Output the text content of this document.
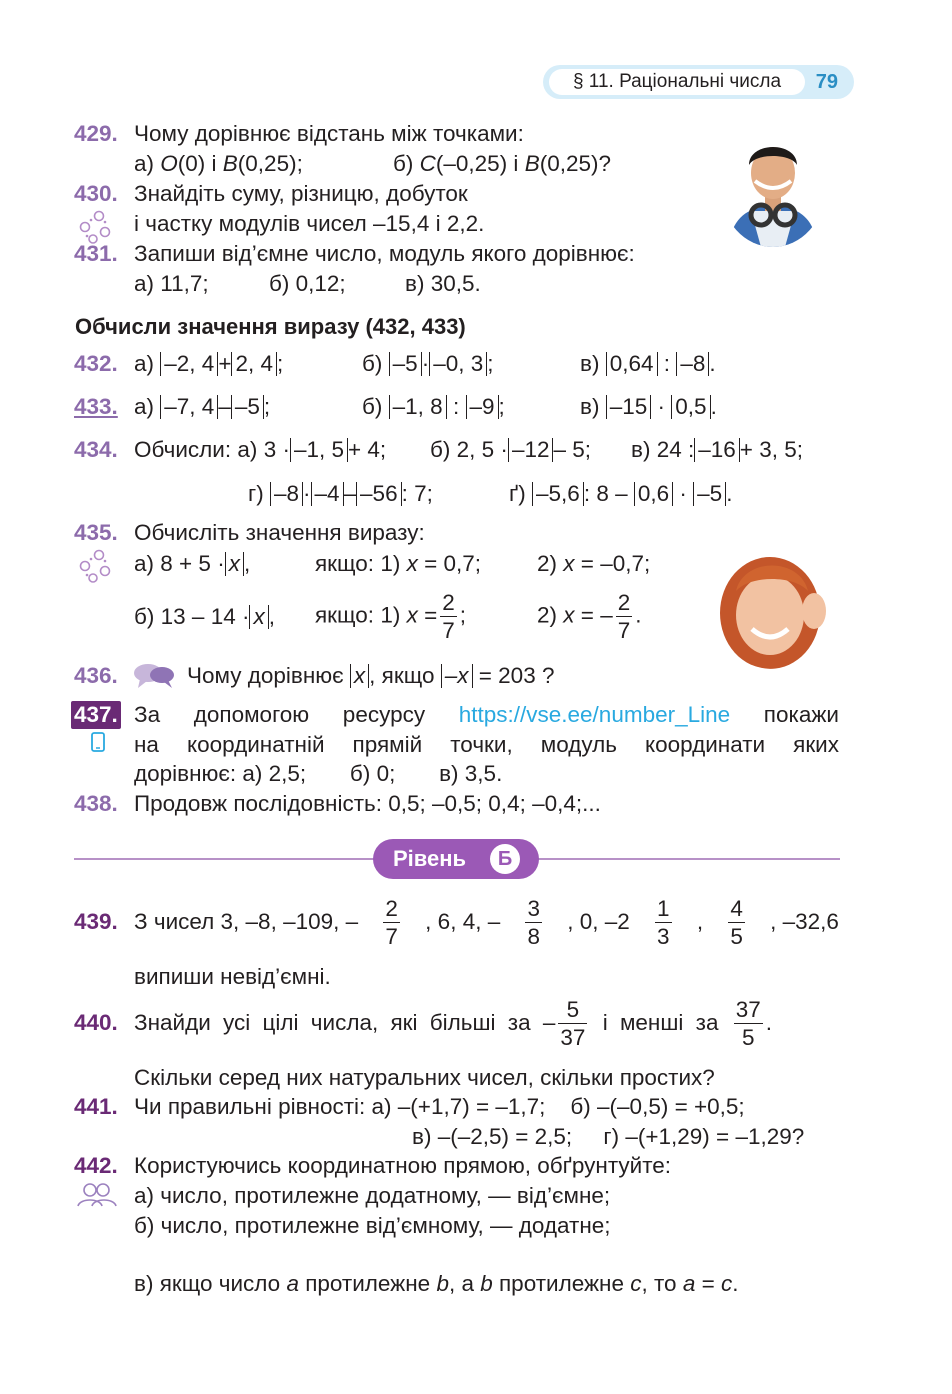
§ 11. Раціональні числа	79
429. Чому дорівнює відстань між точками:
а) O(0) і B(0,25);	б) C(–0,25) і B(0,25)?
430. Знайдіть суму, різницю, добуток
і частку модулів чисел –15,4 і 2,2.
431. Запиши від’ємне число, модуль якого дорівнює:
а) 11,7;	б) 0,12;	в) 30,5.
Обчисли значення виразу (432, 433)
432. а) –2, 4 + 2, 4 ;	б) –5 · –0, 3 ;	в) 0,64 : –8 .
433. а) –7, 4 – –5 ;	б) –1, 8 : –9 ;	в) –15 · 0,5 .
434. Обчисли: а) 3 · –1, 5 + 4; б) 2, 5 · –12 – 5; в) 24 : –16 + 3, 5;
г) –8 · –4 – –56 : 7;	ґ) –5,6 : 8 – 0,6 · –5 .
435. Обчисліть значення виразу:
а) 8 + 5 · x ,	якщо: 1) x = 0,7; 2) x = –0,7;
б) 13 – 14 · x , якщо: 1) $x = \frac{2}{7}$ ;	2) x = – $\frac{2}{7}$ .
436.	Чому дорівнює x , якщо –x = 203 ?
437. За допомогою ресурсу https://vse.ee/number_Line покажи
на координатній прямій точки, модуль координати яких
дорівнює: а) 2,5;       б) 0;       в) 3,5.
438. Продовж послідовність: 0,5; –0,5; 0,4; –0,4;...
Рівень	Б
439. З чисел 3, –8, –109, – $\frac{2}{7}$ , 6, 4, – $\frac{3}{8}$ , 0, $-2 \frac{1}{3}$ , $\frac{4}{5}$ , –32,6
випиши невід’ємні.
440. Знайди усі цілі числа, які більші за – $\frac{5}{37}$ і менші за $\frac{37}{5}$ .
Скільки серед них натуральних чисел, скільки простих?
441. Чи правильні рівності: а) –(+1,7) = –1,7;    б) –(–0,5) = +0,5;
в) –(–2,5) = 2,5;     г) –(+1,29) = –1,29?
442. Користуючись координатною прямою, обґрунтуйте:
а) число, протилежне додатному, — від’ємне;
б) число, протилежне від’ємному, — додатне;

в) якщо число a протилежне b, а b протилежне c, то a = c.
